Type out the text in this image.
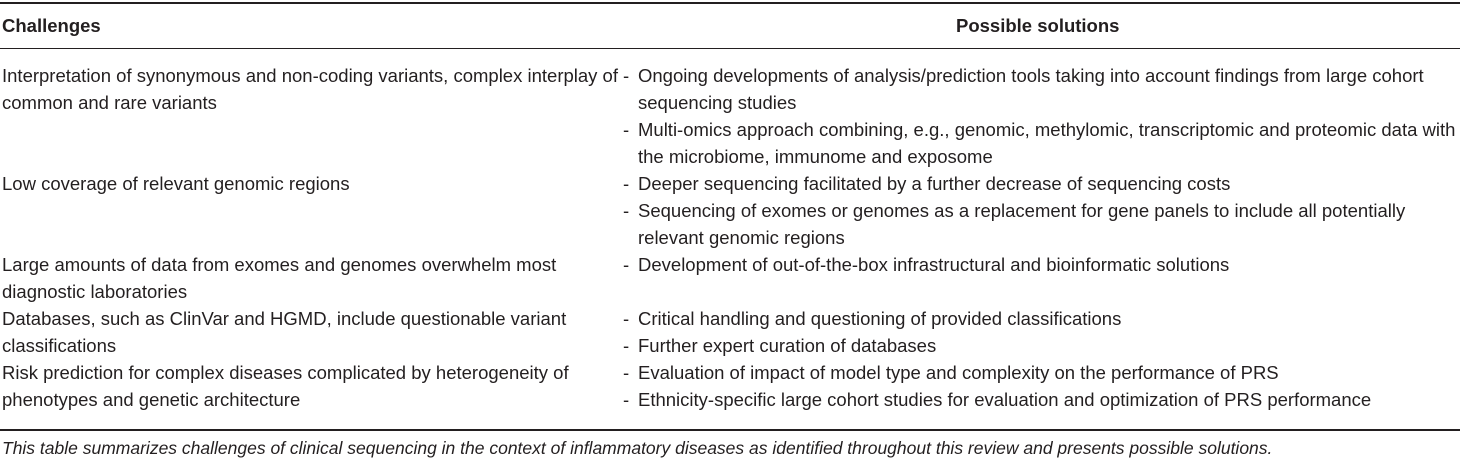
Challenges	Possible solutions
Interpretation of synonymous and non-coding variants, complex interplay of common and rare variants
- Ongoing developments of analysis/prediction tools taking into account findings from large cohort sequencing studies
- Multi-omics approach combining, e.g., genomic, methylomic, transcriptomic and proteomic data with the microbiome, immunome and exposome
Low coverage of relevant genomic regions	- Deeper sequencing facilitated by a further decrease of sequencing costs
- Sequencing of exomes or genomes as a replacement for gene panels to include all potentially relevant genomic regions
Large amounts of data from exomes and genomes overwhelm most diagnostic laboratories
- Development of out-of-the-box infrastructural and bioinformatic solutions
Databases, such as ClinVar and HGMD, include questionable variant classifications
- Critical handling and questioning of provided classifications
- Further expert curation of databases
Risk prediction for complex diseases complicated by heterogeneity of phenotypes and genetic architecture
- Evaluation of impact of model type and complexity on the performance of PRS
- Ethnicity-specific large cohort studies for evaluation and optimization of PRS performance
This table summarizes challenges of clinical sequencing in the context of inflammatory diseases as identified throughout this review and presents possible solutions.
